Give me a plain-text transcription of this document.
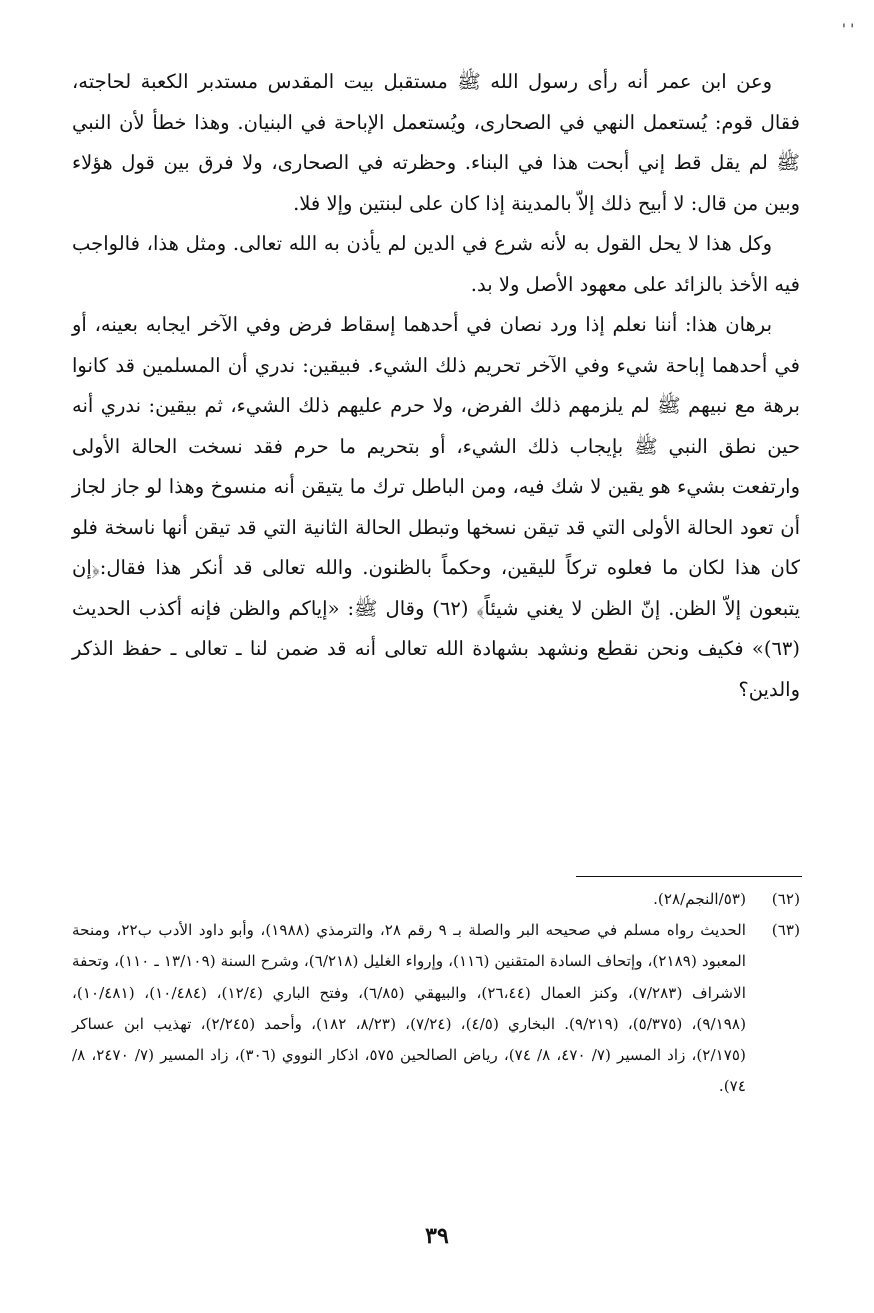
' '

وعن ابن عمر أنه رأى رسول الله ﷺ مستقبل بيت المقدس مستدبر الكعبة لحاجته، فقال قوم: يُستعمل النهي في الصحارى، ويُستعمل الإباحة في البنيان. وهذا خطأ لأن النبي ﷺ لم يقل قط إني أبحت هذا في البناء. وحظرته في الصحارى، ولا فرق بين قول هؤلاء وبين من قال: لا أبيح ذلك إلاّ بالمدينة إذا كان على لبنتين وإلا فلا.

وكل هذا لا يحل القول به لأنه شرع في الدين لم يأذن به الله تعالى. ومثل هذا، فالواجب فيه الأخذ بالزائد على معهود الأصل ولا بد.

برهان هذا: أننا نعلم إذا ورد نصان في أحدهما إسقاط فرض وفي الآخر ايجابه بعينه، أو في أحدهما إباحة شيء وفي الآخر تحريم ذلك الشيء. فبيقين: ندري أن المسلمين قد كانوا برهة مع نبيهم ﷺ لم يلزمهم ذلك الفرض، ولا حرم عليهم ذلك الشيء، ثم بيقين: ندري أنه حين نطق النبي ﷺ بإيجاب ذلك الشيء، أو بتحريم ما حرم فقد نسخت الحالة الأولى وارتفعت بشيء هو يقين لا شك فيه، ومن الباطل ترك ما يتيقن أنه منسوخ وهذا لو جاز لجاز أن تعود الحالة الأولى التي قد تيقن نسخها وتبطل الحالة الثانية التي قد تيقن أنها ناسخة فلو كان هذا لكان ما فعلوه تركاً لليقين، وحكماً بالظنون. والله تعالى قد أنكر هذا فقال:﴿إن يتبعون إلاّ الظن. إنّ الظن لا يغني شيئاً﴾ (٦٢) وقال ﷺ: «إياكم والظن فإنه أكذب الحديث (٦٣)» فكيف ونحن نقطع ونشهد بشهادة الله تعالى أنه قد ضمن لنا ـ تعالى ـ حفظ الذكر والدين؟

(٦٢)
(٥٣/النجم/٢٨).
(٦٣)
الحديث رواه مسلم في صحيحه البر والصلة بـ ٩ رقم ٢٨، والترمذي (١٩٨٨)، وأبو داود الأدب ب٢٢، ومنحة المعبود (٢١٨٩)، وإتحاف السادة المتقنين (١١٦)، وإرواء الغليل (٦/٢١٨)، وشرح السنة (١٣/١٠٩ ـ ١١٠)، وتحفة الاشراف (٧/٢٨٣)، وكنز العمال (٢٦،٤٤)، والبيهقي (٦/٨٥)، وفتح الباري (١٢/٤)، (١٠/٤٨٤)، (١٠/٤٨١)، (٩/١٩٨)، (٥/٣٧٥)، (٩/٢١٩). البخاري (٤/٥)، (٧/٢٤)، (٨/٢٣، ١٨٢)، وأحمد (٢/٢٤٥)، تهذيب ابن عساكر (٢/١٧٥)، زاد المسير (٧/ ٤٧٠، ٨/ ٧٤)، رياض الصالحين ٥٧٥، اذكار النووي (٣٠٦)، زاد المسير (٧/ ٢٤٧٠، ٨/ ٧٤).
٣٩
